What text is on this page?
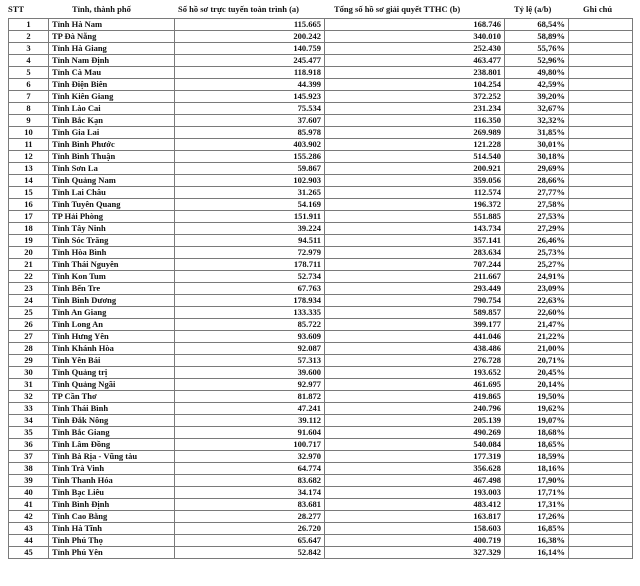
STT	Tỉnh, thành phố	Số hồ sơ trực tuyến toàn trình (a)	Tổng số hồ sơ giải quyết TTHC (b)	Tỷ lệ (a/b)	Ghi chú
1	Tỉnh Hà Nam	115.665	168.746	68,54%	
2	TP Đà Nẵng	200.242	340.010	58,89%	
3	Tỉnh Hà Giang	140.759	252.430	55,76%	
4	Tỉnh Nam Định	245.477	463.477	52,96%	
5	Tỉnh Cà Mau	118.918	238.801	49,80%	
6	Tỉnh Điện Biên	44.399	104.254	42,59%	
7	Tỉnh Kiên Giang	145.923	372.252	39,20%	
8	Tỉnh Lào Cai	75.534	231.234	32,67%	
9	Tỉnh Bắc Kạn	37.607	116.350	32,32%	
10	Tỉnh Gia Lai	85.978	269.989	31,85%	
11	Tỉnh Bình Phước	403.902	121.228	30,01%	
12	Tỉnh Bình Thuận	155.286	514.540	30,18%	
13	Tỉnh Sơn La	59.867	200.921	29,69%	
14	Tỉnh Quảng Nam	102.903	359.056	28,66%	
15	Tỉnh Lai Châu	31.265	112.574	27,77%	
16	Tỉnh Tuyên Quang	54.169	196.372	27,58%	
17	TP Hải Phòng	151.911	551.885	27,53%	
18	Tỉnh Tây Ninh	39.224	143.734	27,29%	
19	Tỉnh Sóc Trăng	94.511	357.141	26,46%	
20	Tỉnh Hòa Bình	72.979	283.634	25,73%	
21	Tỉnh Thái Nguyên	178.711	707.244	25,27%	
22	Tỉnh Kon Tum	52.734	211.667	24,91%	
23	Tỉnh Bến Tre	67.763	293.449	23,09%	
24	Tỉnh Bình Dương	178.934	790.754	22,63%	
25	Tỉnh An Giang	133.335	589.857	22,60%	
26	Tỉnh Long An	85.722	399.177	21,47%	
27	Tỉnh Hưng Yên	93.609	441.046	21,22%	
28	Tỉnh Khánh Hòa	92.087	438.486	21,00%	
29	Tỉnh Yên Bái	57.313	276.728	20,71%	
30	Tỉnh Quảng trị	39.600	193.652	20,45%	
31	Tỉnh Quảng Ngãi	92.977	461.695	20,14%	
32	TP Cần Thơ	81.872	419.865	19,50%	
33	Tỉnh Thái Bình	47.241	240.796	19,62%	
34	Tỉnh Đắk Nông	39.112	205.139	19,07%	
35	Tỉnh Bắc Giang	91.604	490.269	18,68%	
36	Tỉnh Lâm Đồng	100.717	540.084	18,65%	
37	Tỉnh Bà Rịa - Vũng tàu	32.970	177.319	18,59%	
38	Tỉnh Trà Vinh	64.774	356.628	18,16%	
39	Tỉnh Thanh Hóa	83.682	467.498	17,90%	
40	Tỉnh Bạc Liêu	34.174	193.003	17,71%	
41	Tỉnh Bình Định	83.681	483.412	17,31%	
42	Tỉnh Cao Bằng	28.277	163.817	17,26%	
43	Tỉnh Hà Tĩnh	26.720	158.603	16,85%	
44	Tỉnh Phú Thọ	65.647	400.719	16,38%	
45	Tỉnh Phú Yên	52.842	327.329	16,14%	
